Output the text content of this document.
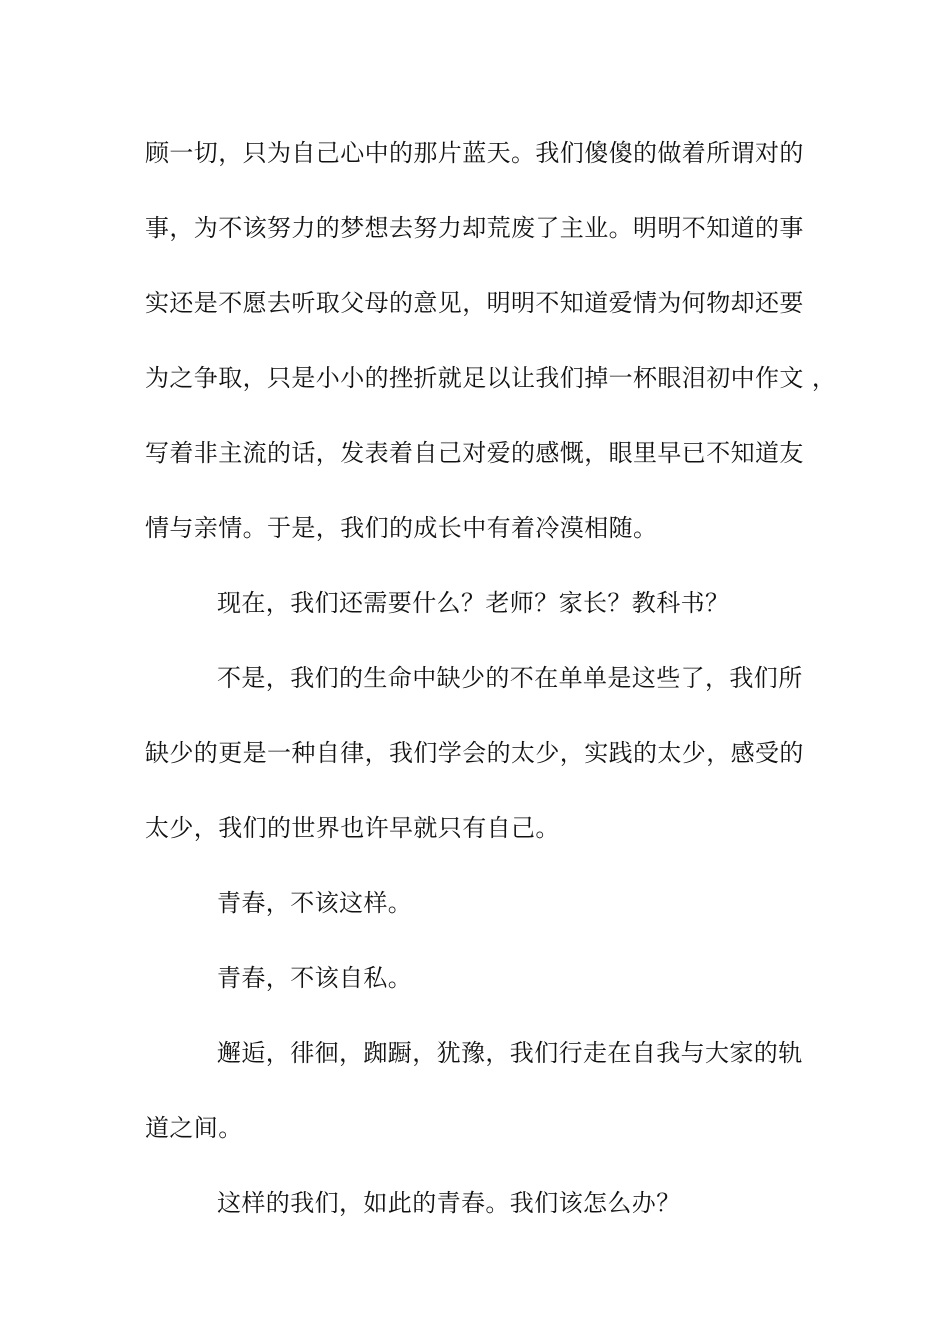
顾一切，只为自己心中的那片蓝天。我们傻傻的做着所谓对的
事，为不该努力的梦想去努力却荒废了主业。明明不知道的事
实还是不愿去听取父母的意见，明明不知道爱情为何物却还要
为之争取，只是小小的挫折就足以让我们掉一杯眼泪初中作文 ，
写着非主流的话，发表着自己对爱的感慨，眼里早已不知道友
情与亲情。于是，我们的成长中有着冷漠相随。
现在，我们还需要什么？老师？家长？教科书？
不是，我们的生命中缺少的不在单单是这些了，我们所
缺少的更是一种自律，我们学会的太少，实践的太少，感受的
太少，我们的世界也许早就只有自己。
青春，不该这样。
青春，不该自私。
邂逅，徘徊，踟蹰，犹豫，我们行走在自我与大家的轨
道之间。
这样的我们，如此的青春。我们该怎么办？
